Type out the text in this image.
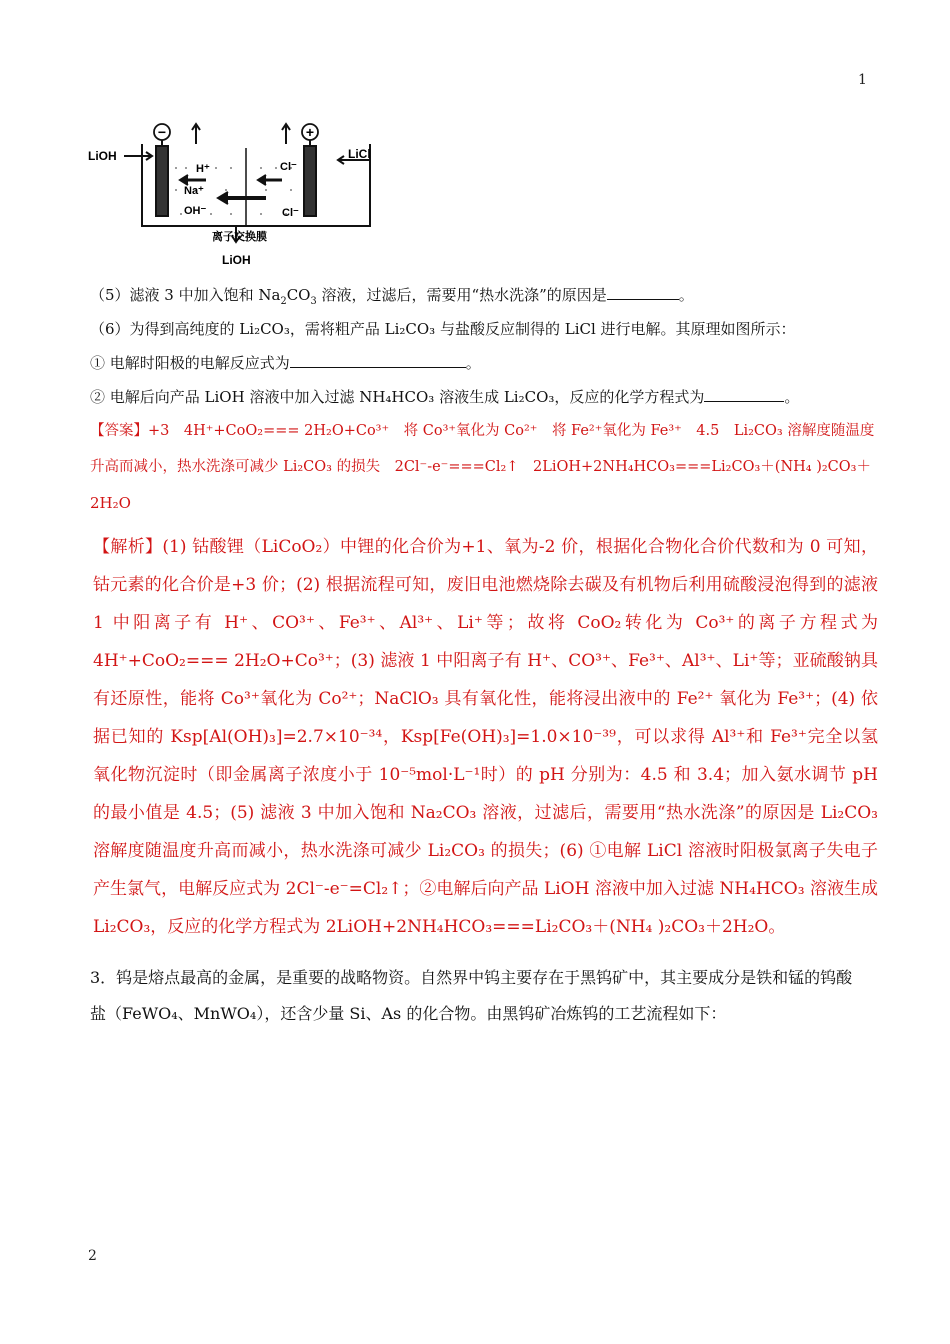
1
−	+
LiOH	LiCl
LiOH
H⁺
Na⁺
OH⁻
Cl⁻
Cl⁻
离子交换膜
（5）滤液 3 中加入饱和 $Na_2CO_3$ 溶液，过滤后，需要用“热水洗涤”的原因是	。
（6）为得到高纯度的 Li₂CO₃，需将粗产品 Li₂CO₃ 与盐酸反应制得的 LiCl 进行电解。其原理如图所示：
① 电解时阳极的电解反应式为	。
② 电解后向产品 LiOH 溶液中加入过滤 NH₄HCO₃ 溶液生成 Li₂CO₃，反应的化学方程式为	。
【答案】+3　4H⁺+CoO₂=== 2H₂O+Co³⁺　将 Co³⁺氧化为 Co²⁺　将 Fe²⁺氧化为 Fe³⁺　4.5　Li₂CO₃ 溶解度随温度
升高而减小，热水洗涤可减少 Li₂CO₃ 的损失　2Cl⁻-e⁻===Cl₂↑　2LiOH+2NH₄HCO₃===Li₂CO₃＋(NH₄ )₂CO₃＋
2H₂O

【解析】(1) 钴酸锂（LiCoO₂）中锂的化合价为+1、氧为-2 价，根据化合物化合价代数和为 0 可知，钴元素的化合价是+3 价；(2) 根据流程可知，废旧电池燃烧除去碳及有机物后利用硫酸浸泡得到的滤液 1 中阳离子有 H⁺、CO³⁺、Fe³⁺、Al³⁺、Li⁺等；故将 CoO₂转化为 Co³⁺的离子方程式为 4H⁺+CoO₂=== 2H₂O+Co³⁺；(3) 滤液 1 中阳离子有 H⁺、CO³⁺、Fe³⁺、Al³⁺、Li⁺等；亚硫酸钠具有还原性，能将 Co³⁺氧化为 Co²⁺；NaClO₃ 具有氧化性，能将浸出液中的 Fe²⁺ 氧化为 Fe³⁺；(4) 依据已知的 Ksp[Al(OH)₃]=2.7×10⁻³⁴，Ksp[Fe(OH)₃]=1.0×10⁻³⁹，可以求得 Al³⁺和 Fe³⁺完全以氢氧化物沉淀时（即金属离子浓度小于 10⁻⁵mol·L⁻¹时）的 pH 分别为：4.5 和 3.4；加入氨水调节 pH 的最小值是 4.5；(5) 滤液 3 中加入饱和 Na₂CO₃ 溶液，过滤后，需要用“热水洗涤”的原因是 Li₂CO₃ 溶解度随温度升高而减小，热水洗涤可减少 Li₂CO₃ 的损失；(6) ①电解 LiCl 溶液时阳极氯离子失电子产生氯气，电解反应式为 2Cl⁻-e⁻=Cl₂↑；②电解后向产品 LiOH 溶液中加入过滤 NH₄HCO₃ 溶液生成 Li₂CO₃，反应的化学方程式为 2LiOH+2NH₄HCO₃===Li₂CO₃＋(NH₄ )₂CO₃＋2H₂O。

3．钨是熔点最高的金属，是重要的战略物资。自然界中钨主要存在于黑钨矿中，其主要成分是铁和锰的钨酸

盐（FeWO₄、MnWO₄），还含少量 Si、As 的化合物。由黑钨矿冶炼钨的工艺流程如下：

2
